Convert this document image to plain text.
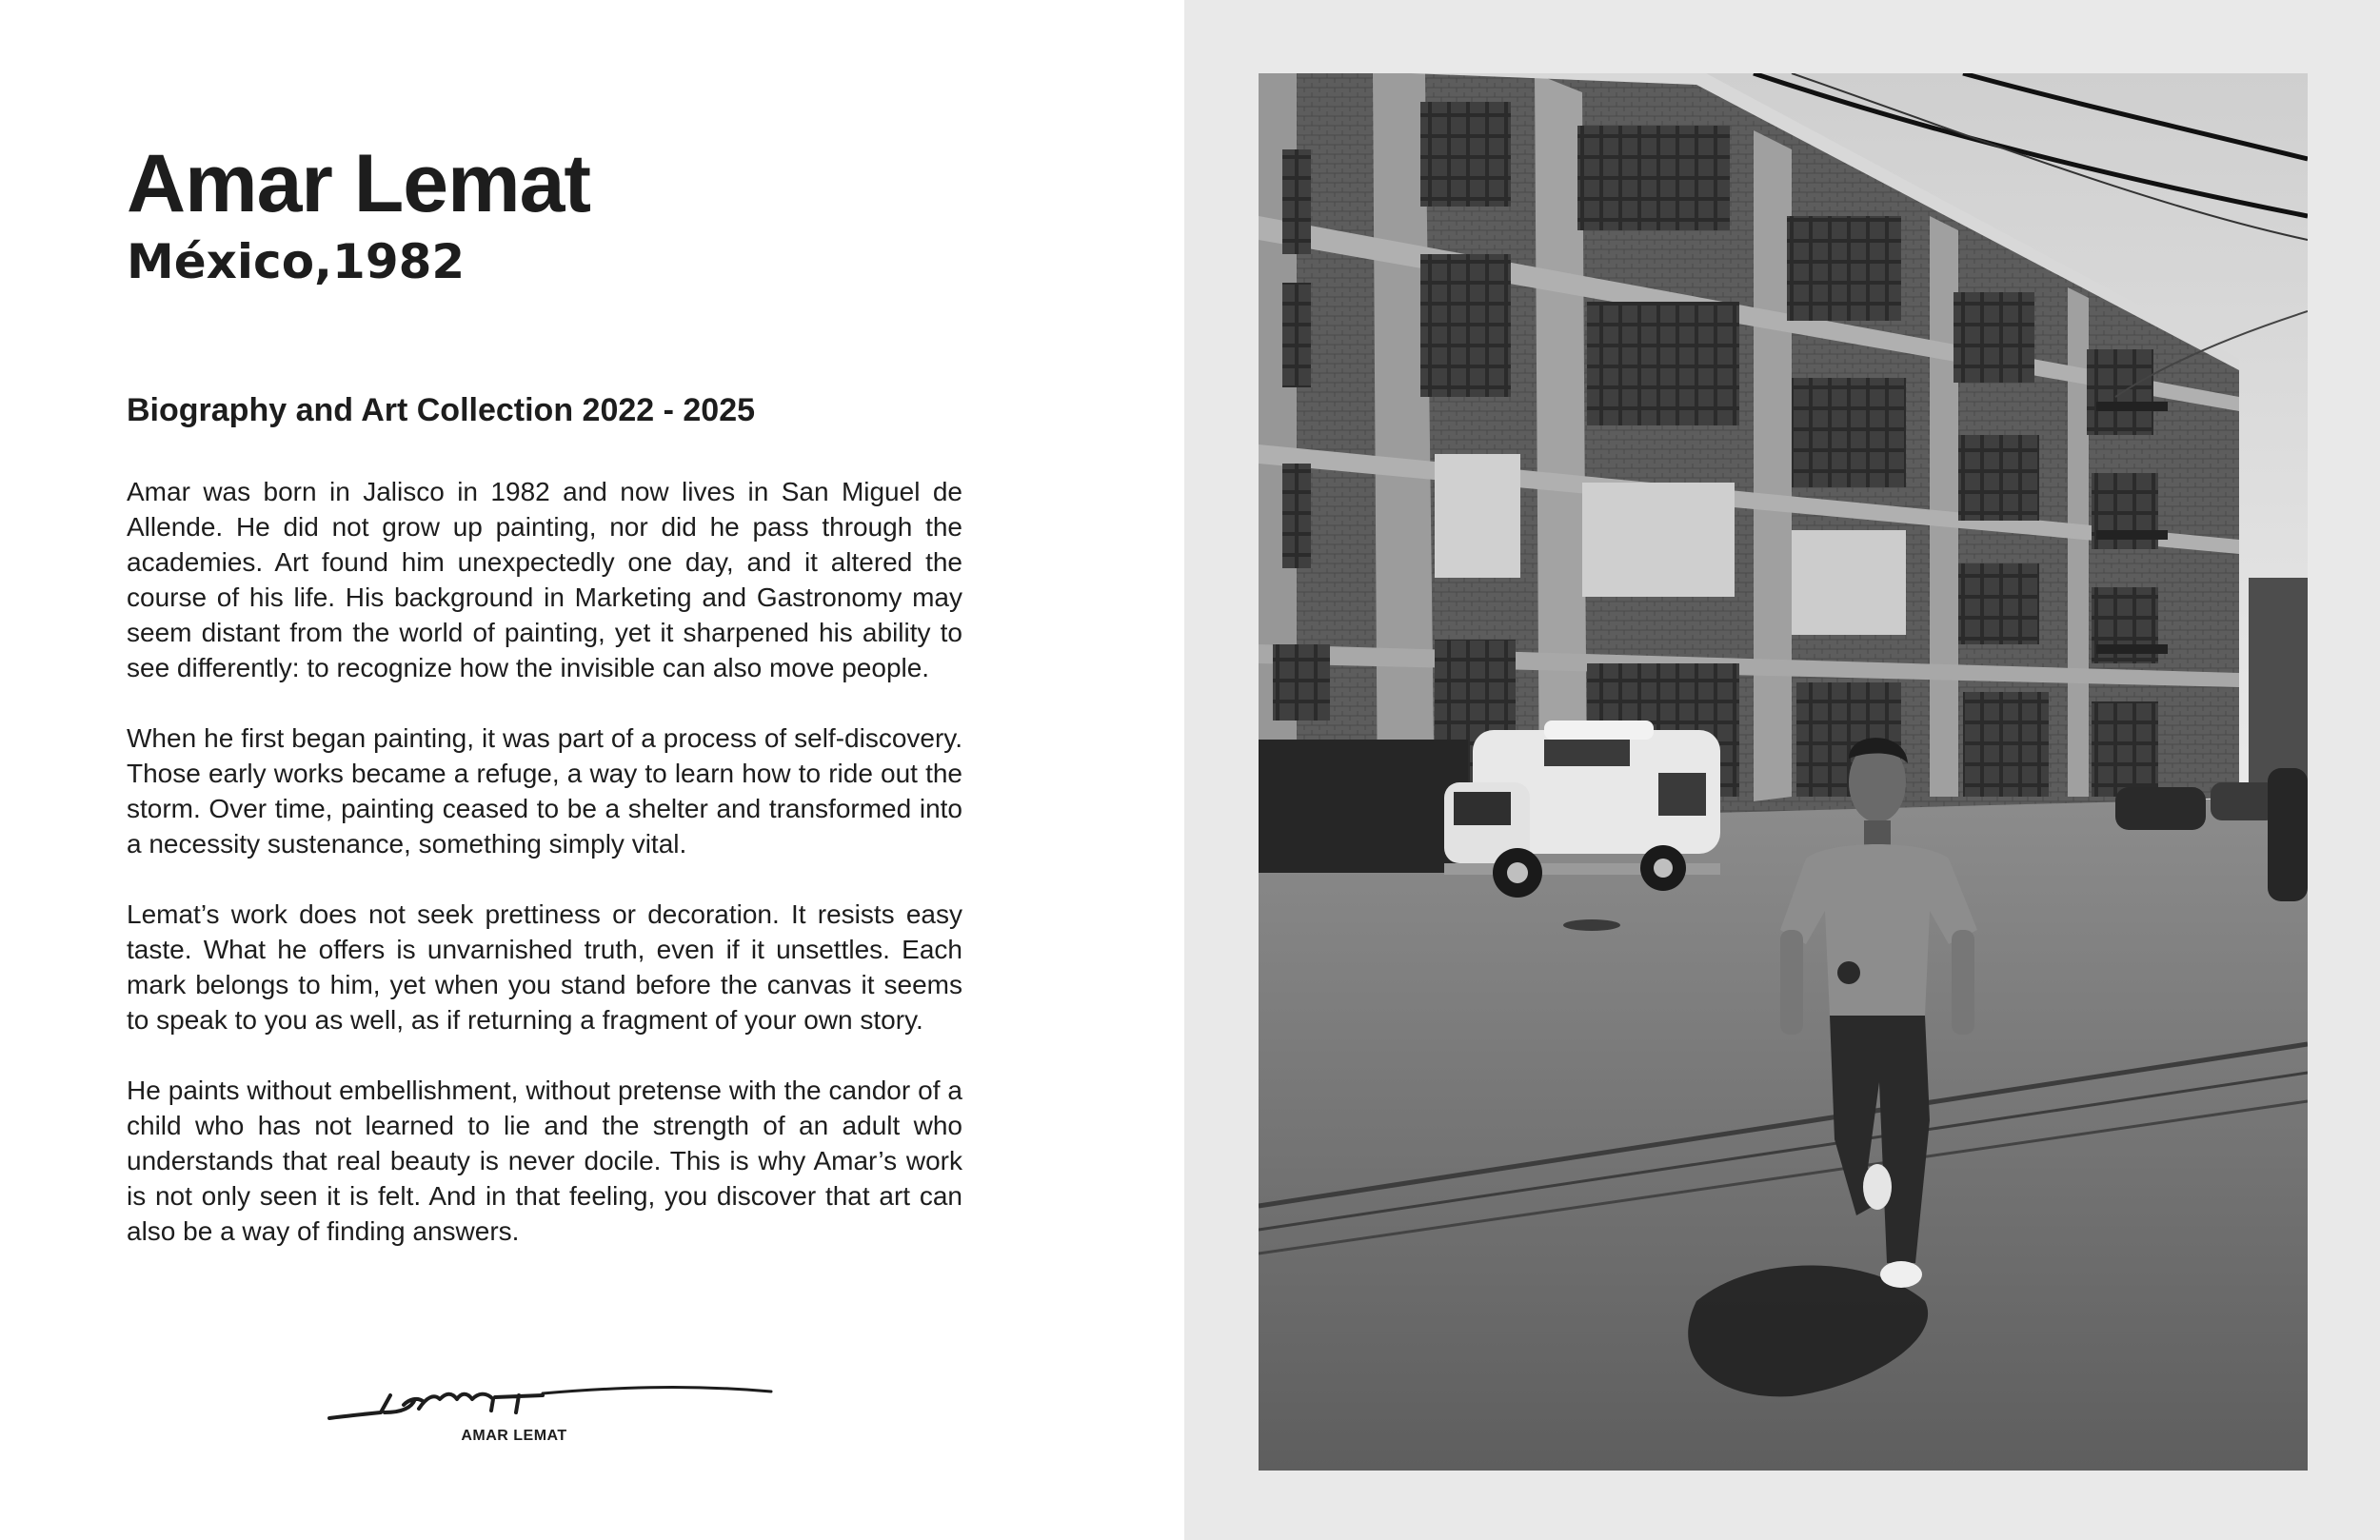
Amar Lemat
México,1982
Biography and Art Collection 2022 - 2025

Amar was born in Jalisco in 1982 and now lives in San Miguel de Allende. He did not grow up painting, nor did he pass through the academies. Art found him unexpectedly one day, and it altered the course of his life. His background in Marketing and Gastronomy may seem distant from the world of painting, yet it sharpened his ability to see differently: to recognize how the invisible can also move people.

When he first began painting, it was part of a process of self-discovery. Those early works became a refuge, a way to learn how to ride out the storm. Over time, painting ceased to be a shelter and transformed into a necessity sustenance, something simply vital.

Lemat’s work does not seek prettiness or decoration. It resists easy taste. What he offers is unvarnished truth, even if it unsettles. Each mark belongs to him, yet when you stand before the canvas it seems to speak to you as well, as if returning a fragment of your own story.

He paints without embellishment, without pretense with the candor of a child who has not learned to lie and the strength of an adult who understands that real beauty is never docile. This is why Amar’s work is not only seen it is felt. And in that feeling, you discover that art can also be a way of finding answers.

AMAR LEMAT
